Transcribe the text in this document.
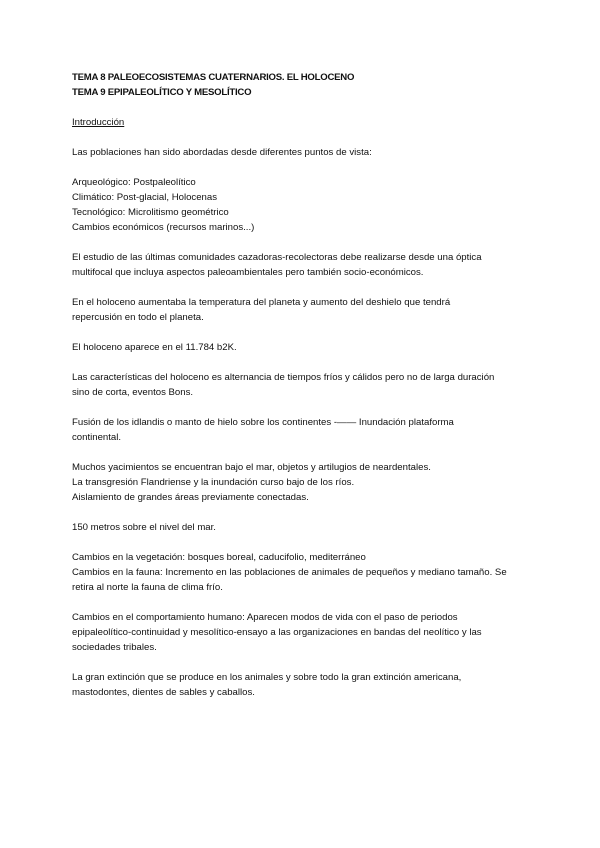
TEMA 8 PALEOECOSISTEMAS CUATERNARIOS. EL HOLOCENO

TEMA 9 EPIPALEOLÍTICO Y MESOLÍTICO

Introducción

Las poblaciones han sido abordadas desde diferentes puntos de vista:

Arqueológico: Postpaleolítico

Climático: Post-glacial, Holocenas

Tecnológico: Microlitismo geométrico

Cambios económicos (recursos marinos...)

El estudio de las últimas comunidades cazadoras-recolectoras debe realizarse desde una óptica

multifocal que incluya aspectos paleoambientales pero también socio-económicos.

En el holoceno aumentaba la temperatura del planeta y aumento del deshielo que tendrá

repercusión en todo el planeta.

El holoceno aparece en el 11.784 b2K.

Las características del holoceno es alternancia de tiempos fríos y cálidos pero no de larga duración

sino de corta, eventos Bons.

Fusión de los idlandis o manto de hielo sobre los continentes -—— Inundación plataforma

continental.

Muchos yacimientos se encuentran bajo el mar, objetos y artilugios de neardentales.

La transgresión Flandriense y la inundación curso bajo de los ríos.

Aislamiento de grandes áreas previamente conectadas.

150 metros sobre el nivel del mar.

Cambios en la vegetación: bosques boreal, caducifolio, mediterráneo

Cambios en la fauna: Incremento en las poblaciones de animales de pequeños y mediano tamaño. Se

retira al norte la fauna de clima frío.

Cambios en el comportamiento humano: Aparecen modos de vida con el paso de periodos

epipaleolítico-continuidad y mesolítico-ensayo a las organizaciones en bandas del neolítico y las

sociedades tribales.

La gran extinción que se produce en los animales y sobre todo la gran extinción americana,

mastodontes, dientes de sables y caballos.
